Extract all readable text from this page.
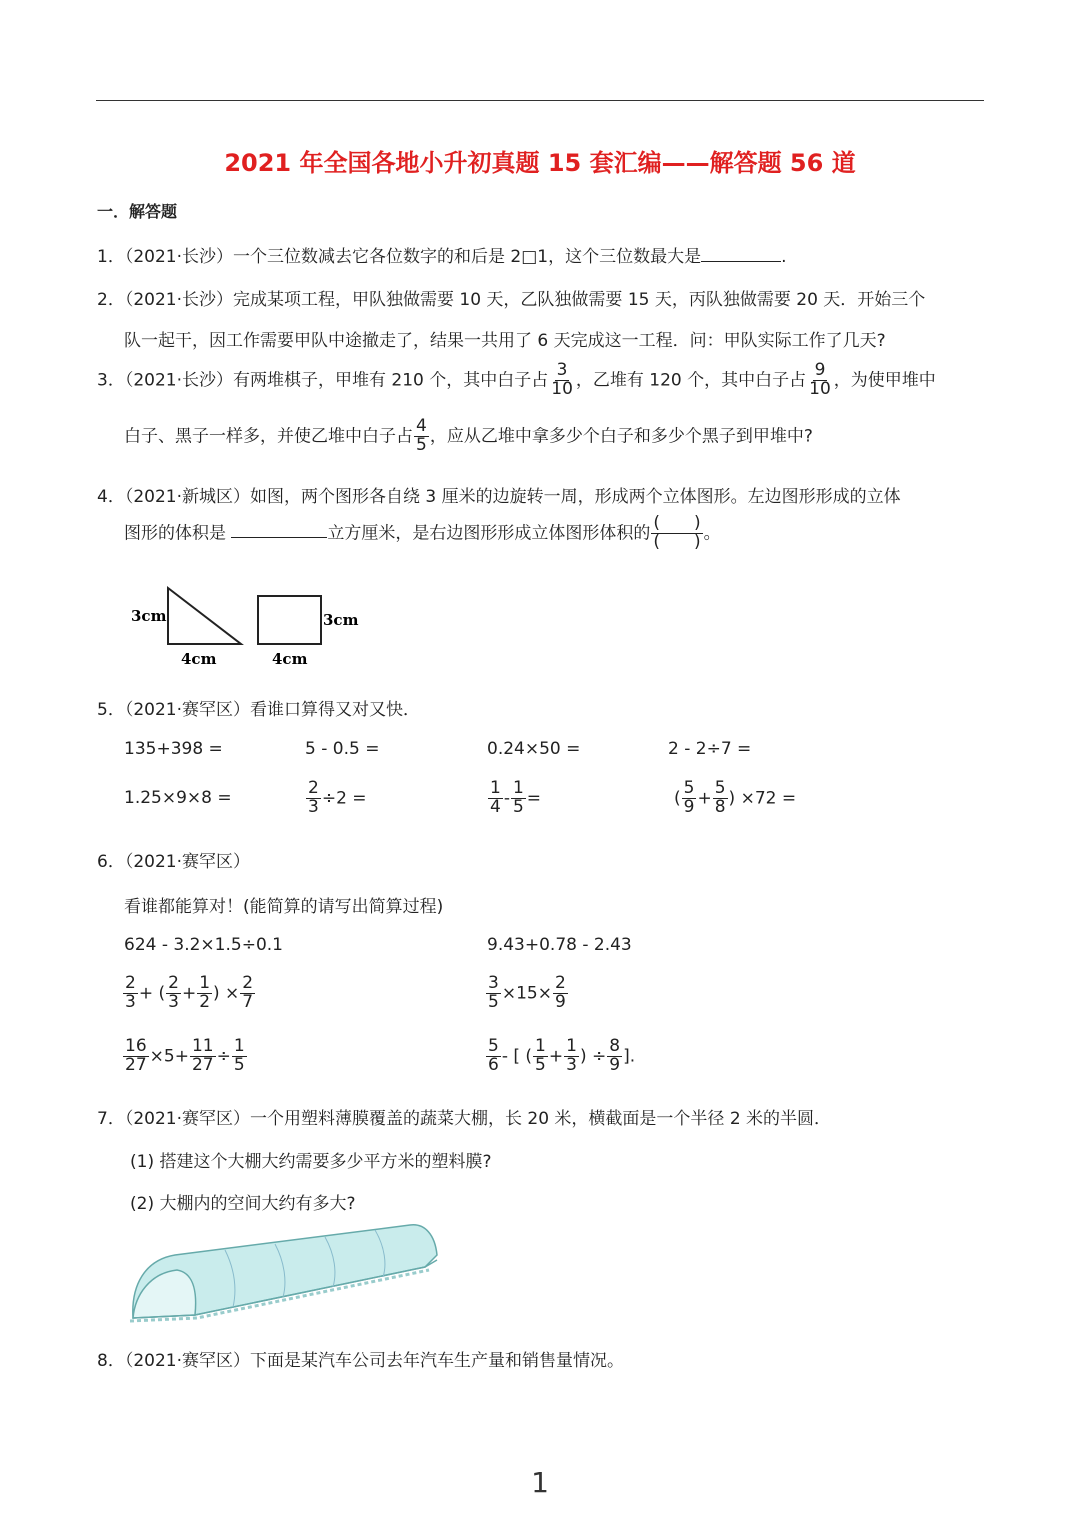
2021 年全国各地小升初真题 15 套汇编——解答题 56 道
一．解答题
1．（2021·长沙）一个三位数减去它各位数字的和后是 2□1，这个三位数最大是	.
2．（2021·长沙）完成某项工程，甲队独做需要 10 天，乙队独做需要 15 天，丙队独做需要 20 天．开始三个
队一起干，因工作需要甲队中途撤走了，结果一共用了 6 天完成这一工程．问：甲队实际工作了几天?
3．（2021·长沙）有两堆棋子，甲堆有 210 个，其中白子占 $\frac{3}{10}$ ，乙堆有 120 个，其中白子占 $\frac{9}{10}$ ，为使甲堆中
白子、黑子一样多，并使乙堆中白子占 $\frac{4}{5}$ ，应从乙堆中拿多少个白子和多少个黑子到甲堆中?
4．（2021·新城区）如图，两个图形各自绕 3 厘米的边旋转一周，形成两个立体图形。左边图形形成的立体
图形的体积是	立方厘米，是右边图形形成立体图形体积的 $\frac{( )}{( )}$ 。
3cm
4cm
3cm
4cm
5．（2021·赛罕区）看谁口算得又对又快．
135+398 =	5 - 0.5 =	0.24×50 =	2 - 2÷7 =
1.25×9×8 =	$\frac{2}{3} \div 2$ =	$\frac{1}{4} - \frac{1}{5}$ =	( $\frac{5}{9} + \frac{5}{8}$ ) ×72 =
6．（2021·赛罕区）
看谁都能算对！(能简算的请写出简算过程)
624 - 3.2×1.5÷0.1	9.43+0.78 - 2.43
$\frac{2}{3}$ + ( $\frac{2}{3} + \frac{1}{2}$ ) × $\frac{2}{7}$	$\frac{3}{5} \times 15\times \frac{2}{9}$
$\frac{16}{27} \times 5+ \frac{11}{27} \div \frac{1}{5}$	$\frac{5}{6}$ - [ ( $\frac{1}{5} + \frac{1}{3}$ ) ÷ $\frac{8}{9}$ ].
7．（2021·赛罕区）一个用塑料薄膜覆盖的蔬菜大棚，长 20 米，横截面是一个半径 2 米的半圆．
(1) 搭建这个大棚大约需要多少平方米的塑料膜?
(2) 大棚内的空间大约有多大?
8．（2021·赛罕区）下面是某汽车公司去年汽车生产量和销售量情况。
1
